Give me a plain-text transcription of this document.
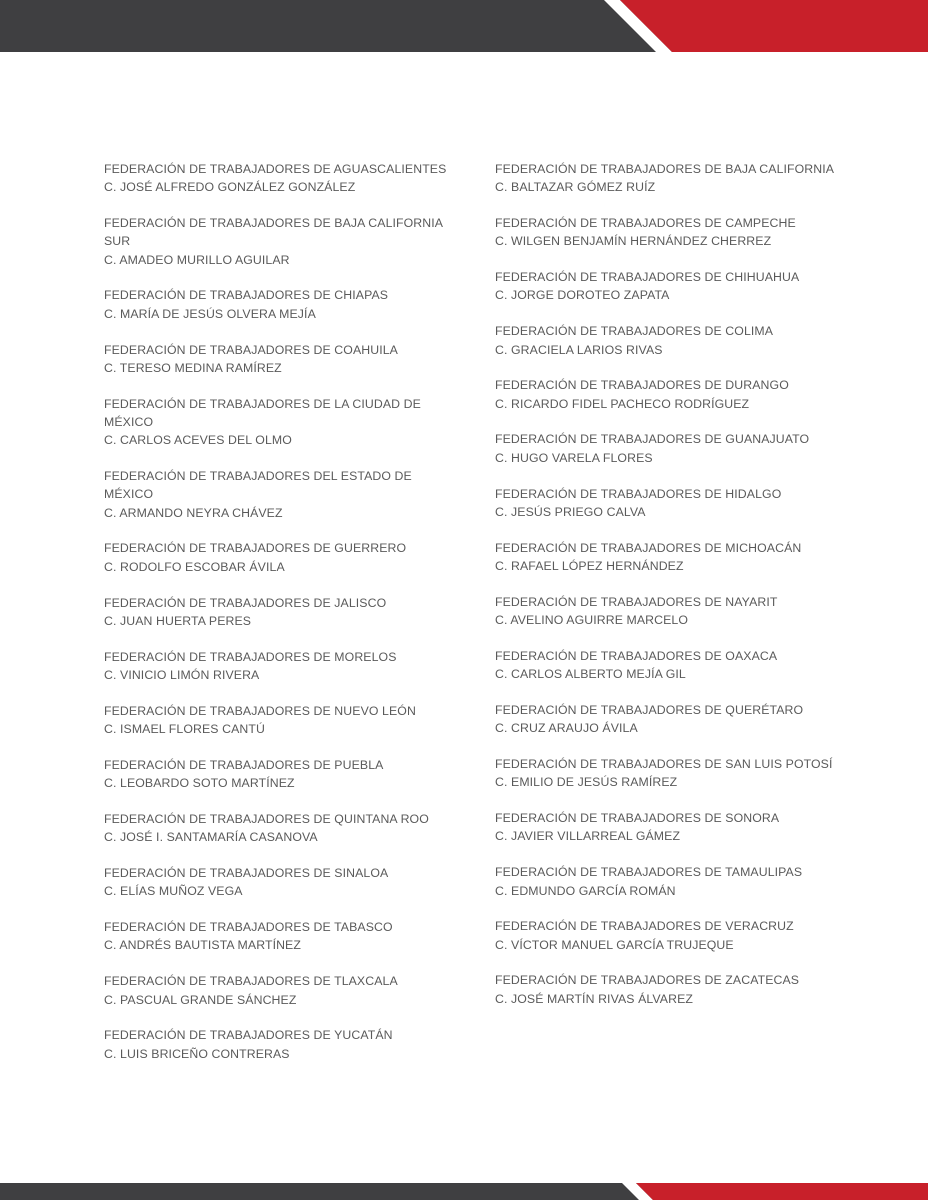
FEDERACIÓN DE TRABAJADORES DE AGUASCALIENTES
C. JOSÉ ALFREDO GONZÁLEZ GONZÁLEZ
FEDERACIÓN DE TRABAJADORES DE BAJA CALIFORNIA SUR
C. AMADEO MURILLO AGUILAR
FEDERACIÓN DE TRABAJADORES DE CHIAPAS
C. MARÍA DE JESÚS OLVERA MEJÍA
FEDERACIÓN DE TRABAJADORES DE COAHUILA
C. TERESO MEDINA RAMÍREZ
FEDERACIÓN DE TRABAJADORES DE LA CIUDAD DE MÉXICO
C. CARLOS ACEVES DEL OLMO
FEDERACIÓN DE TRABAJADORES DEL ESTADO DE MÉXICO
C. ARMANDO NEYRA CHÁVEZ
FEDERACIÓN DE TRABAJADORES DE GUERRERO
C. RODOLFO ESCOBAR ÁVILA
FEDERACIÓN DE TRABAJADORES DE JALISCO
C. JUAN HUERTA PERES
FEDERACIÓN DE TRABAJADORES DE MORELOS
C. VINICIO LIMÓN RIVERA
FEDERACIÓN DE TRABAJADORES DE NUEVO LEÓN
C. ISMAEL FLORES CANTÚ
FEDERACIÓN DE TRABAJADORES DE PUEBLA
C. LEOBARDO SOTO MARTÍNEZ
FEDERACIÓN DE TRABAJADORES DE QUINTANA ROO
C. JOSÉ I. SANTAMARÍA CASANOVA
FEDERACIÓN DE TRABAJADORES DE SINALOA
C. ELÍAS MUÑOZ VEGA
FEDERACIÓN DE TRABAJADORES DE TABASCO
C. ANDRÉS BAUTISTA MARTÍNEZ
FEDERACIÓN DE TRABAJADORES DE TLAXCALA
C. PASCUAL GRANDE SÁNCHEZ
FEDERACIÓN DE TRABAJADORES DE YUCATÁN
C. LUIS BRICEÑO CONTRERAS
FEDERACIÓN DE TRABAJADORES DE BAJA CALIFORNIA
C. BALTAZAR GÓMEZ RUÍZ
FEDERACIÓN DE TRABAJADORES DE CAMPECHE
C. WILGEN BENJAMÍN HERNÁNDEZ CHERREZ
FEDERACIÓN DE TRABAJADORES DE CHIHUAHUA
C. JORGE DOROTEO ZAPATA
FEDERACIÓN DE TRABAJADORES DE COLIMA
C. GRACIELA LARIOS RIVAS
FEDERACIÓN DE TRABAJADORES DE DURANGO
C. RICARDO FIDEL PACHECO RODRÍGUEZ
FEDERACIÓN DE TRABAJADORES DE GUANAJUATO
C. HUGO VARELA FLORES
FEDERACIÓN DE TRABAJADORES DE HIDALGO
C. JESÚS PRIEGO CALVA
FEDERACIÓN DE TRABAJADORES DE MICHOACÁN
C. RAFAEL LÓPEZ HERNÁNDEZ
FEDERACIÓN DE TRABAJADORES DE NAYARIT
C. AVELINO AGUIRRE MARCELO
FEDERACIÓN DE TRABAJADORES DE OAXACA
C. CARLOS ALBERTO MEJÍA GIL
FEDERACIÓN DE TRABAJADORES DE QUERÉTARO
C. CRUZ ARAUJO ÁVILA
FEDERACIÓN DE TRABAJADORES DE SAN LUIS POTOSÍ
C. EMILIO DE JESÚS RAMÍREZ
FEDERACIÓN DE TRABAJADORES DE SONORA
C. JAVIER VILLARREAL GÁMEZ
FEDERACIÓN DE TRABAJADORES DE TAMAULIPAS
C. EDMUNDO GARCÍA ROMÁN
FEDERACIÓN DE TRABAJADORES DE VERACRUZ
C. VÍCTOR MANUEL GARCÍA TRUJEQUE
FEDERACIÓN DE TRABAJADORES DE ZACATECAS
C. JOSÉ MARTÍN RIVAS ÁLVAREZ
